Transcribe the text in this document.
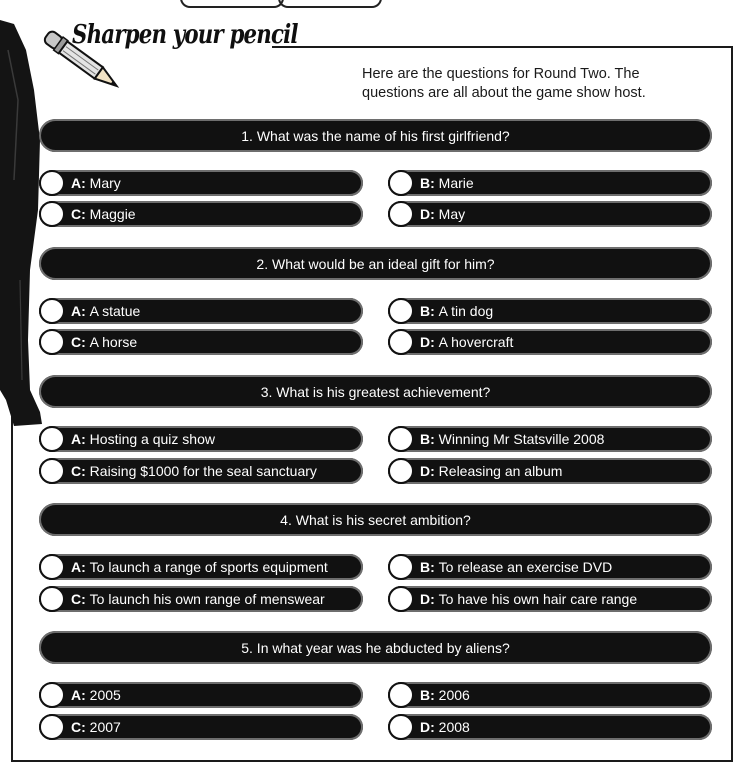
Sharpen your pencil
Here are the questions for Round Two. The questions are all about the game show host.
1. What was the name of his first girlfriend?
A:
Mary	B:
Marie
C:
Maggie	D:
May
2. What would be an ideal gift for him?
A:
A statue	B:
A tin dog
C:
A horse	D:
A hovercraft
3. What is his greatest achievement?
A:
Hosting a quiz show	B:
Winning Mr Statsville 2008
C:
Raising $1000 for the seal sanctuary	D:
Releasing an album
4. What is his secret ambition?
A:
To launch a range of sports equipment	B:
To release an exercise DVD
C:
To launch his own range of menswear	D:
To have his own hair care range
5. In what year was he abducted by aliens?
A:
2005	B:
2006
C:
2007	D:
2008
